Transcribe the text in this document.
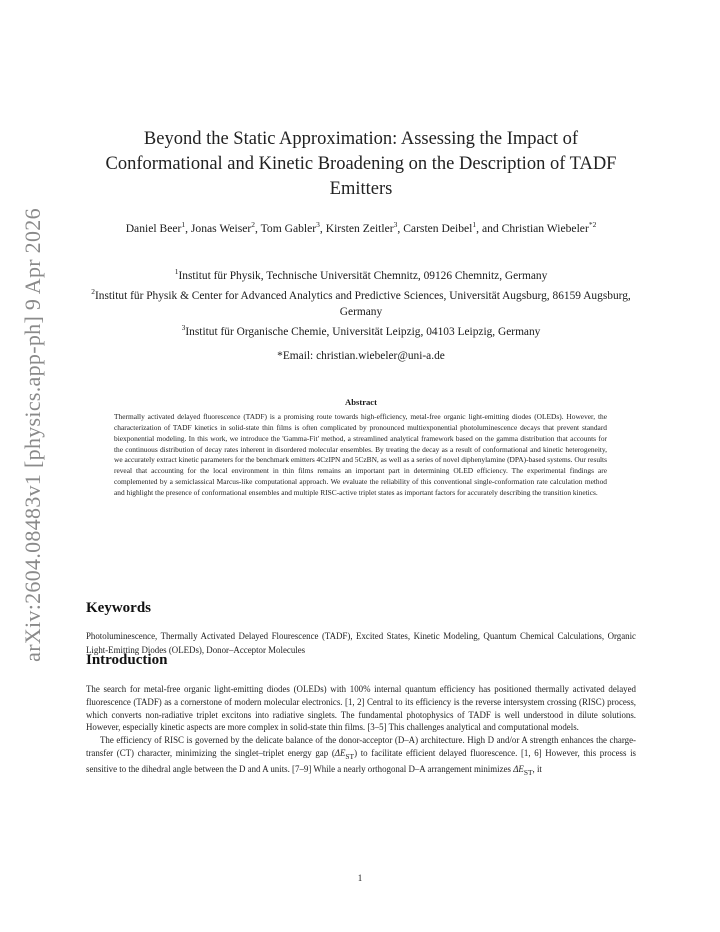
arXiv:2604.08483v1 [physics.app-ph] 9 Apr 2026
Beyond the Static Approximation: Assessing the Impact of Conformational and Kinetic Broadening on the Description of TADF Emitters
Daniel Beer$^1$, Jonas Weiser$^2$, Tom Gabler$^3$, Kirsten Zeitler$^3$, Carsten Deibel$^1$, and Christian Wiebeler$^{*2}$
$^1$Institut für Physik, Technische Universität Chemnitz, 09126 Chemnitz, Germany
$^2$Institut für Physik & Center for Advanced Analytics and Predictive Sciences, Universität Augsburg, 86159 Augsburg, Germany
$^3$Institut für Organische Chemie, Universität Leipzig, 04103 Leipzig, Germany
*Email: christian.wiebeler@uni-a.de
Abstract
Thermally activated delayed fluorescence (TADF) is a promising route towards high-efficiency, metal-free organic light-emitting diodes (OLEDs). However, the characterization of TADF kinetics in solid-state thin films is often complicated by pronounced multiexponential photoluminescence decays that prevent standard biexponential modeling. In this work, we introduce the 'Gamma-Fit' method, a streamlined analytical framework based on the gamma distribution that accounts for the continuous distribution of decay rates inherent in disordered molecular ensembles. By treating the decay as a result of conformational and kinetic heterogeneity, we accurately extract kinetic parameters for the benchmark emitters 4CzIPN and 5CzBN, as well as a series of novel diphenylamine (DPA)-based systems. Our results reveal that accounting for the local environment in thin films remains an important part in determining OLED efficiency. The experimental findings are complemented by a semiclassical Marcus-like computational approach. We evaluate the reliability of this conventional single-conformation rate calculation method and highlight the presence of conformational ensembles and multiple RISC-active triplet states as important factors for accurately describing the transition kinetics.
Keywords
Photoluminescence, Thermally Activated Delayed Flourescence (TADF), Excited States, Kinetic Modeling, Quantum Chemical Calculations, Organic Light-Emitting Diodes (OLEDs), Donor–Acceptor Molecules
Introduction

The search for metal-free organic light-emitting diodes (OLEDs) with 100% internal quantum efficiency has positioned thermally activated delayed fluorescence (TADF) as a cornerstone of modern molecular electronics. [1, 2] Central to its efficiency is the reverse intersystem crossing (RISC) process, which converts non-radiative triplet excitons into radiative singlets. The fundamental photophysics of TADF is well understood in dilute solutions. However, especially kinetic aspects are more complex in solid-state thin films. [3–5] This challenges analytical and computational models.

The efficiency of RISC is governed by the delicate balance of the donor-acceptor (D–A) architecture. High D and/or A strength enhances the charge-transfer (CT) character, minimizing the singlet–triplet energy gap $(\Delta E_{ST})$ to facilitate efficient delayed fluorescence. [1, 6] However, this process is sensitive to the dihedral angle between the D and A units. [7–9] While a nearly orthogonal D–A arrangement minimizes $\Delta E_{ST}$, it

1
